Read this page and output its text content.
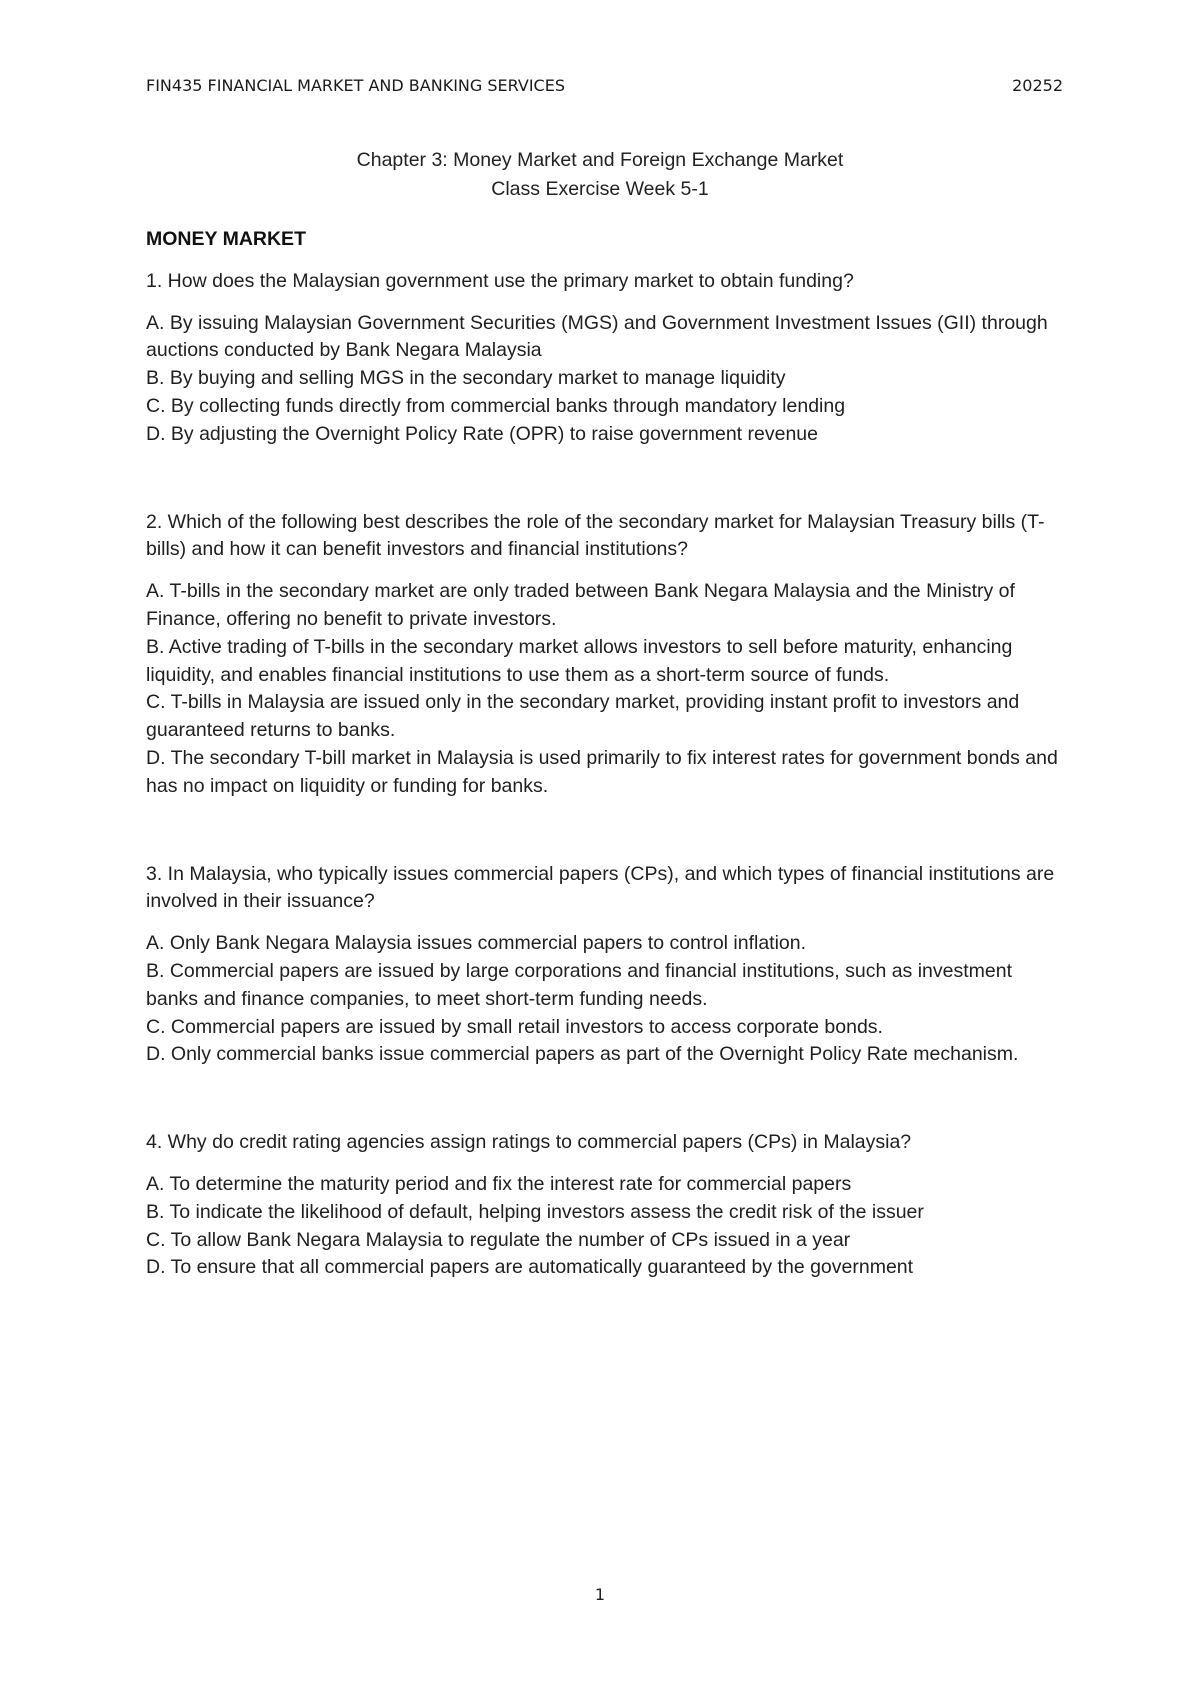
FIN435 FINANCIAL MARKET AND BANKING SERVICES	20252
Chapter 3: Money Market and Foreign Exchange Market
Class Exercise Week 5-1
MONEY MARKET
1. How does the Malaysian government use the primary market to obtain funding?
A. By issuing Malaysian Government Securities (MGS) and Government Investment Issues (GII) through auctions conducted by Bank Negara Malaysia
B. By buying and selling MGS in the secondary market to manage liquidity
C. By collecting funds directly from commercial banks through mandatory lending
D. By adjusting the Overnight Policy Rate (OPR) to raise government revenue
2. Which of the following best describes the role of the secondary market for Malaysian Treasury bills (T-bills) and how it can benefit investors and financial institutions?
A. T-bills in the secondary market are only traded between Bank Negara Malaysia and the Ministry of Finance, offering no benefit to private investors.
B. Active trading of T-bills in the secondary market allows investors to sell before maturity, enhancing liquidity, and enables financial institutions to use them as a short-term source of funds.
C. T-bills in Malaysia are issued only in the secondary market, providing instant profit to investors and guaranteed returns to banks.
D. The secondary T-bill market in Malaysia is used primarily to fix interest rates for government bonds and has no impact on liquidity or funding for banks.
3. In Malaysia, who typically issues commercial papers (CPs), and which types of financial institutions are involved in their issuance?
A. Only Bank Negara Malaysia issues commercial papers to control inflation.
B. Commercial papers are issued by large corporations and financial institutions, such as investment banks and finance companies, to meet short-term funding needs.
C. Commercial papers are issued by small retail investors to access corporate bonds.
D. Only commercial banks issue commercial papers as part of the Overnight Policy Rate mechanism.
4. Why do credit rating agencies assign ratings to commercial papers (CPs) in Malaysia?
A. To determine the maturity period and fix the interest rate for commercial papers
B. To indicate the likelihood of default, helping investors assess the credit risk of the issuer
C. To allow Bank Negara Malaysia to regulate the number of CPs issued in a year
D. To ensure that all commercial papers are automatically guaranteed by the government
1
